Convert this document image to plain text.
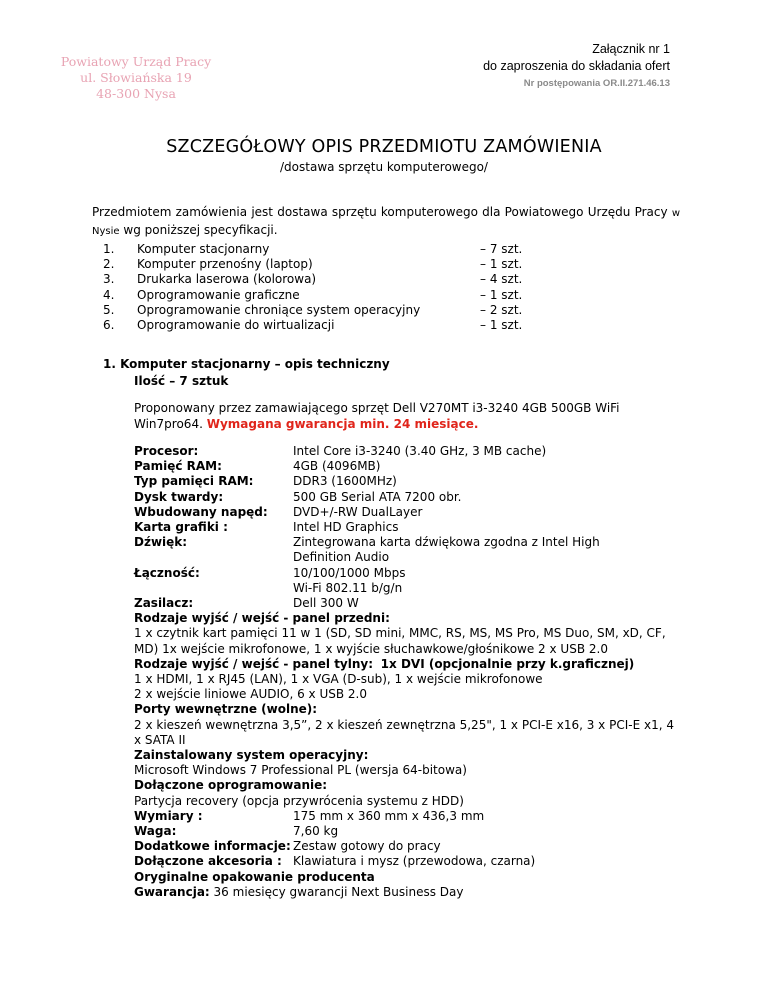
Powiatowy Urząd Pracy
ul. Słowiańska 19
48-300 Nysa
Załącznik nr 1
do zaproszenia do składania ofert
Nr postępowania OR.II.271.46.13
SZCZEGÓŁOWY OPIS PRZEDMIOTU ZAMÓWIENIA
/dostawa sprzętu komputerowego/

Przedmiotem zamówienia jest dostawa sprzętu komputerowego dla Powiatowego Urzędu Pracy w Nysie wg poniższej specyfikacji.

1.	Komputer stacjonarny	– 7 szt.
2.	Komputer przenośny (laptop)	– 1 szt.
3.	Drukarka laserowa (kolorowa)	– 4 szt.
4.	Oprogramowanie graficzne	– 1 szt.
5.	Oprogramowanie chroniące system operacyjny	– 2 szt.
6.	Oprogramowanie do wirtualizacji	– 1 szt.
1. Komputer stacjonarny – opis techniczny
Ilość – 7 sztuk

Proponowany przez zamawiającego sprzęt Dell V270MT i3-3240 4GB 500GB WiFi Win7pro64. Wymagana gwarancja min. 24 miesiące.

Procesor:	Intel Core i3-3240 (3.40 GHz, 3 MB cache)
Pamięć RAM:	4GB (4096MB)
Typ pamięci RAM:	DDR3 (1600MHz)
Dysk twardy:	500 GB Serial ATA 7200 obr.
Wbudowany napęd:	DVD+/-RW DualLayer
Karta grafiki :	Intel HD Graphics
Dźwięk:	Zintegrowana karta dźwiękowa zgodna z Intel High
Definition Audio
Łączność:	10/100/1000 Mbps
Wi-Fi 802.11 b/g/n
Zasilacz:	Dell 300 W
Rodzaje wyjść / wejść - panel przedni:
1 x czytnik kart pamięci 11 w 1 (SD, SD mini, MMC, RS, MS, MS Pro, MS Duo, SM, xD, CF, MD) 1x wejście mikrofonowe, 1 x wyjście słuchawkowe/głośnikowe 2 x USB 2.0
Rodzaje wyjść / wejść - panel tylny: 1x DVI (opcjonalnie przy k.graficznej)
1 x HDMI, 1 x RJ45 (LAN), 1 x VGA (D-sub), 1 x wejście mikrofonowe
2 x wejście liniowe AUDIO, 6 x USB 2.0
Porty wewnętrzne (wolne):
2 x kieszeń wewnętrzna 3,5”, 2 x kieszeń zewnętrzna 5,25", 1 x PCI-E x16, 3 x PCI-E x1, 4 x SATA II
Zainstalowany system operacyjny:
Microsoft Windows 7 Professional PL (wersja 64-bitowa)
Dołączone oprogramowanie:
Partycja recovery (opcja przywrócenia systemu z HDD)
Wymiary :	175 mm x 360 mm x 436,3 mm
Waga:	7,60 kg
Dodatkowe informacje: Zestaw gotowy do pracy
Dołączone akcesoria : Klawiatura i mysz (przewodowa, czarna)
Oryginalne opakowanie producenta
Gwarancja: 36 miesięcy gwarancji Next Business Day
